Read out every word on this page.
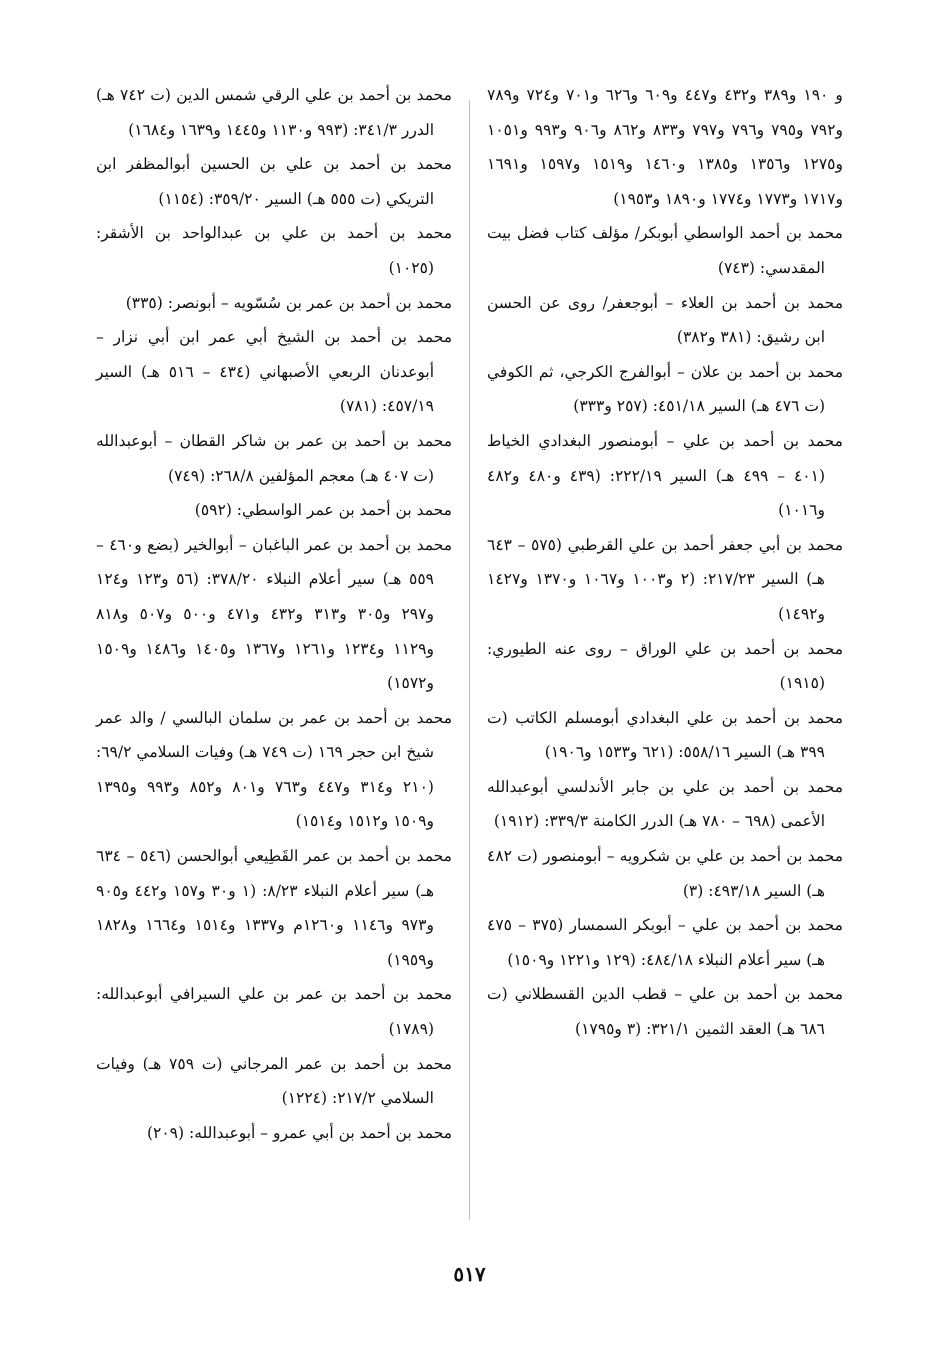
و ١٩٠ و٣٨٩ و٤٣٢ و٤٤٧ و٦٠٩ و٦٢٦ و٧٠١ و٧٢٤ و٧٨٩ و٧٩٢ و٧٩٥ و٧٩٦ و٧٩٧ و٨٣٣ و٨٦٢ و٩٠٦ و٩٩٣ و١٠٥١ و١٢٧٥ و١٣٥٦ و١٣٨٥ و١٤٦٠ و١٥١٩ و١٥٩٧ و١٦٩١ و١٧١٧ و١٧٧٣ و١٧٧٤ و١٨٩٠ و١٩٥٣)
محمد بن أحمد الواسطي أبوبكر/ مؤلف كتاب فضل بيت المقدسي: (٧٤٣)
محمد بن أحمد بن العلاء – أبوجعفر/ روى عن الحسن ابن رشيق: (٣٨١ و٣٨٢)
محمد بن أحمد بن علان – أبوالفرج الكرجي، ثم الكوفي (ت ٤٧٦ هـ) السير ٤٥١/١٨: (٢٥٧ و٣٣٣)
محمد بن أحمد بن علي – أبومنصور البغدادي الخياط (٤٠١ – ٤٩٩ هـ) السير ٢٢٢/١٩: (٤٣٩ و٤٨٠ و٤٨٢ و١٠١٦)
محمد بن أبي جعفر أحمد بن علي القرطبي (٥٧٥ – ٦٤٣ هـ) السير ٢١٧/٢٣: (٢ و١٠٠٣ و١٠٦٧ و١٣٧٠ و١٤٢٧ و١٤٩٢)
محمد بن أحمد بن علي الوراق – روى عنه الطيوري: (١٩١٥)
محمد بن أحمد بن علي البغدادي أبومسلم الكاتب (ت ٣٩٩ هـ) السير ٥٥٨/١٦: (٦٢١ و١٥٣٣ و١٩٠٦)
محمد بن أحمد بن علي بن جابر الأندلسي أبوعبدالله الأعمى (٦٩٨ – ٧٨٠ هـ) الدرر الكامنة ٣٣٩/٣: (١٩١٢)
محمد بن أحمد بن علي بن شكرويه – أبومنصور (ت ٤٨٢ هـ) السير ٤٩٣/١٨: (٣)
محمد بن أحمد بن علي – أبوبكر السمسار (٣٧٥ – ٤٧٥ هـ) سير أعلام النبلاء ٤٨٤/١٨: (١٢٩ و١٢٢١ و١٥٠٩)
محمد بن أحمد بن علي – قطب الدين القسطلاني (ت ٦٨٦ هـ) العقد الثمين ٣٢١/١: (٣ و١٧٩٥)
محمد بن أحمد بن علي الرقي شمس الدين (ت ٧٤٢ هـ) الدرر ٣٤١/٣: (٩٩٣ و١١٣٠ و١٤٤٥ و١٦٣٩ و١٦٨٤)
محمد بن أحمد بن علي بن الحسين أبوالمظفر ابن التريكي (ت ٥٥٥ هـ) السير ٣٥٩/٢٠: (١١٥٤)
محمد بن أحمد بن علي بن عبدالواحد بن الأشقر: (١٠٢٥)
محمد بن أحمد بن عمر بن سُسّويه – أبونصر: (٣٣٥)
محمد بن أحمد بن الشيخ أبي عمر ابن أبي نزار – أبوعدنان الربعي الأصبهاني (٤٣٤ – ٥١٦ هـ) السير ٤٥٧/١٩: (٧٨١)
محمد بن أحمد بن عمر بن شاكر القطان – أبوعبدالله (ت ٤٠٧ هـ) معجم المؤلفين ٢٦٨/٨: (٧٤٩)
محمد بن أحمد بن عمر الواسطي: (٥٩٢)
محمد بن أحمد بن عمر الباغبان – أبوالخير (بضع و٤٦٠ – ٥٥٩ هـ) سير أعلام النبلاء ٣٧٨/٢٠: (٥٦ و١٢٣ و١٢٤ و٢٩٧ و٣٠٥ و٣١٣ و٤٣٢ و٤٧١ و٥٠٠ و٥٠٧ و٨١٨ و١١٢٩ و١٢٣٤ و١٢٦١ و١٣٦٧ و١٤٠٥ و١٤٨٦ و١٥٠٩ و١٥٧٢)
محمد بن أحمد بن عمر بن سلمان البالسي / والد عمر شيخ ابن حجر ١٦٩ (ت ٧٤٩ هـ) وفيات السلامي ٦٩/٢: (٢١٠ و٣١٤ و٤٤٧ و٧٦٣ و٨٠١ و٨٥٢ و٩٩٣ و١٣٩٥ و١٥٠٩ و١٥١٢ و١٥١٤)
محمد بن أحمد بن عمر القَطِيعي أبوالحسن (٥٤٦ – ٦٣٤ هـ) سير أعلام النبلاء ٨/٢٣: (١ و٣٠ و١٥٧ و٤٤٢ و٩٠٥ و٩٧٣ و١١٤٦ و١٢٦٠م و١٣٣٧ و١٥١٤ و١٦٦٤ و١٨٢٨ و١٩٥٩)
محمد بن أحمد بن عمر بن علي السيرافي أبوعبدالله: (١٧٨٩)
محمد بن أحمد بن عمر المرجاني (ت ٧٥٩ هـ) وفيات السلامي ٢١٧/٢: (١٢٢٤)
محمد بن أحمد بن أبي عمرو – أبوعبدالله: (٢٠٩)
٥١٧
